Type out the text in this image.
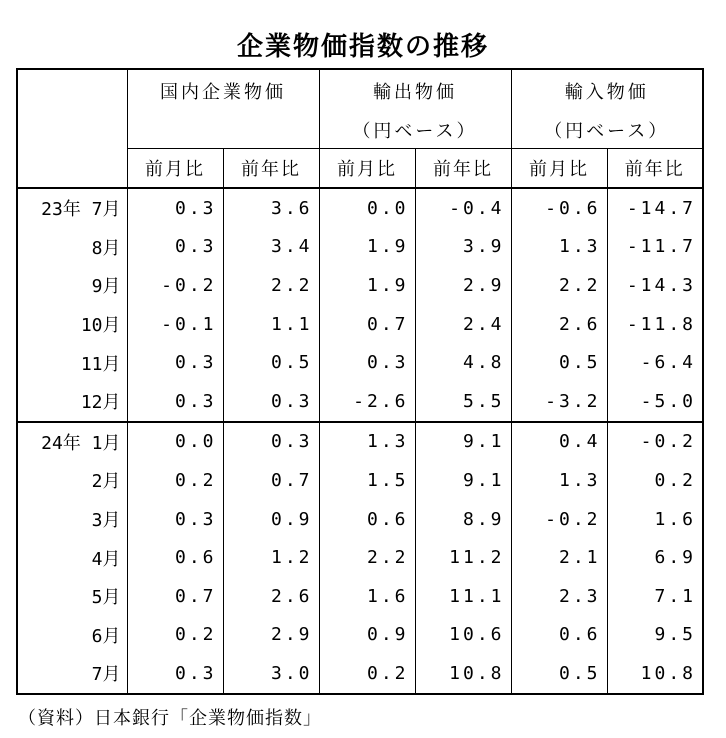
企業物価指数の推移
	国内企業物価		輸出物価		輸入物価	
			（円ベース）		（円ベース）	
	前月比	前年比	前月比	前年比	前月比	前年比
23年 7月	0.3	3.6	0.0	-0.4	-0.6	-14.7
8月	0.3	3.4	1.9	3.9	1.3	-11.7
9月	-0.2	2.2	1.9	2.9	2.2	-14.3
10月	-0.1	1.1	0.7	2.4	2.6	-11.8
11月	0.3	0.5	0.3	4.8	0.5	-6.4
12月	0.3	0.3	-2.6	5.5	-3.2	-5.0
24年 1月	0.0	0.3	1.3	9.1	0.4	-0.2
2月	0.2	0.7	1.5	9.1	1.3	0.2
3月	0.3	0.9	0.6	8.9	-0.2	1.6
4月	0.6	1.2	2.2	11.2	2.1	6.9
5月	0.7	2.6	1.6	11.1	2.3	7.1
6月	0.2	2.9	0.9	10.6	0.6	9.5
7月	0.3	3.0	0.2	10.8	0.5	10.8
（資料）日本銀行「企業物価指数」
